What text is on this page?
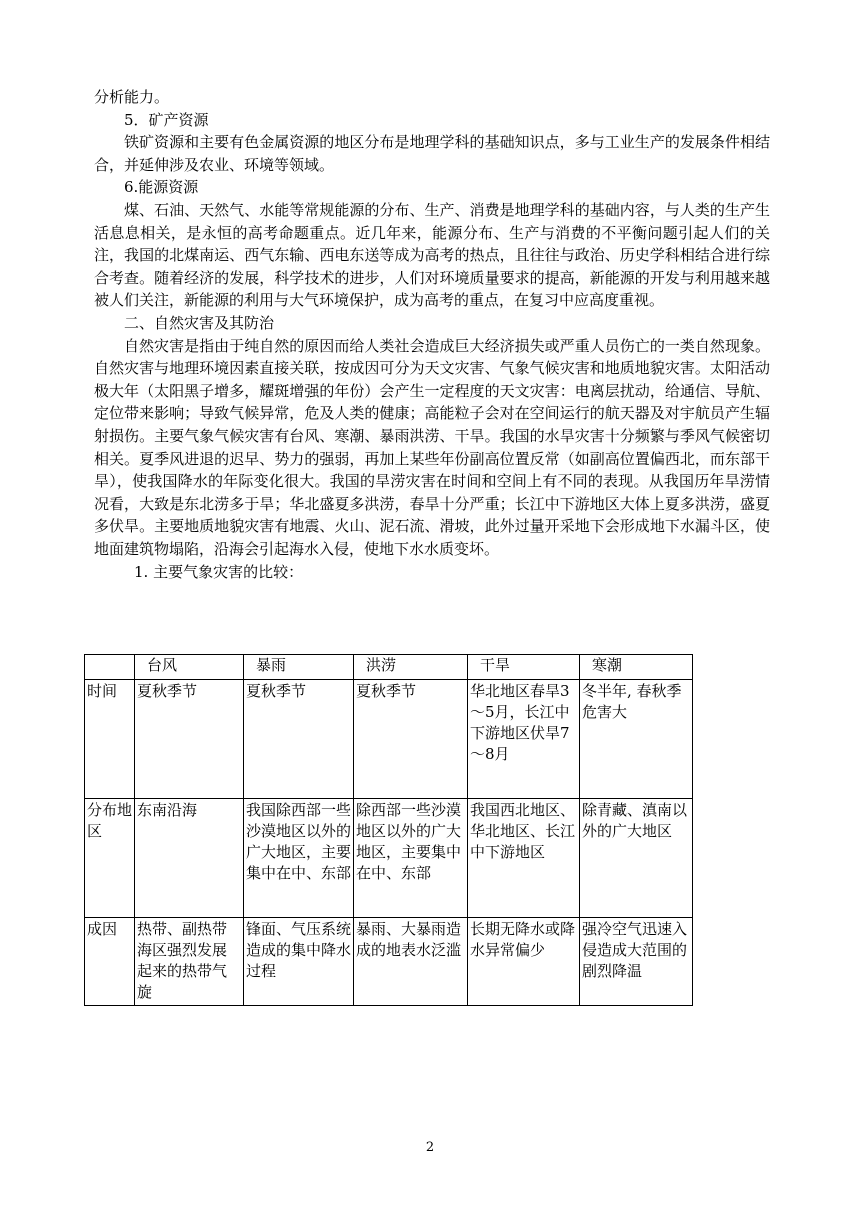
分析能力。

5．矿产资源

铁矿资源和主要有色金属资源的地区分布是地理学科的基础知识点，多与工业生产的发展条件相结合，并延伸涉及农业、环境等领域。

6.能源资源

煤、石油、天然气、水能等常规能源的分布、生产、消费是地理学科的基础内容，与人类的生产生活息息相关，是永恒的高考命题重点。近几年来，能源分布、生产与消费的不平衡问题引起人们的关注，我国的北煤南运、西气东输、西电东送等成为高考的热点，且往往与政治、历史学科相结合进行综合考查。随着经济的发展，科学技术的进步，人们对环境质量要求的提高，新能源的开发与利用越来越被人们关注，新能源的利用与大气环境保护，成为高考的重点，在复习中应高度重视。

二、自然灾害及其防治

自然灾害是指由于纯自然的原因而给人类社会造成巨大经济损失或严重人员伤亡的一类自然现象。自然灾害与地理环境因素直接关联，按成因可分为天文灾害、气象气候灾害和地质地貌灾害。太阳活动极大年（太阳黑子增多，耀斑增强的年份）会产生一定程度的天文灾害：电离层扰动，给通信、导航、定位带来影响；导致气候异常，危及人类的健康；高能粒子会对在空间运行的航天器及对宇航员产生辐射损伤。主要气象气候灾害有台风、寒潮、暴雨洪涝、干旱。我国的水旱灾害十分频繁与季风气候密切相关。夏季风进退的迟早、势力的强弱，再加上某些年份副高位置反常（如副高位置偏西北，而东部干旱），使我国降水的年际变化很大。我国的旱涝灾害在时间和空间上有不同的表现。从我国历年旱涝情况看，大致是东北涝多于旱；华北盛夏多洪涝，春旱十分严重；长江中下游地区大体上夏多洪涝，盛夏多伏旱。主要地质地貌灾害有地震、火山、泥石流、滑坡，此外过量开采地下会形成地下水漏斗区，使地面建筑物塌陷，沿海会引起海水入侵，使地下水水质变坏。

1. 主要气象灾害的比较：

	台风	暴雨	洪涝	干旱	寒潮
时间	夏秋季节	夏秋季节	夏秋季节	华北地区春旱3～5月，长江中下游地区伏旱7～8月	冬半年, 春秋季危害大
分布地区	东南沿海	我国除西部一些沙漠地区以外的广大地区，主要集中在中、东部	除西部一些沙漠地区以外的广大地区，主要集中在中、东部	我国西北地区、华北地区、长江中下游地区	除青藏、滇南以外的广大地区
成因	热带、副热带海区强烈发展起来的热带气旋	锋面、气压系统造成的集中降水过程	暴雨、大暴雨造成的地表水泛滥	长期无降水或降水异常偏少	强冷空气迅速入侵造成大范围的剧烈降温
2
